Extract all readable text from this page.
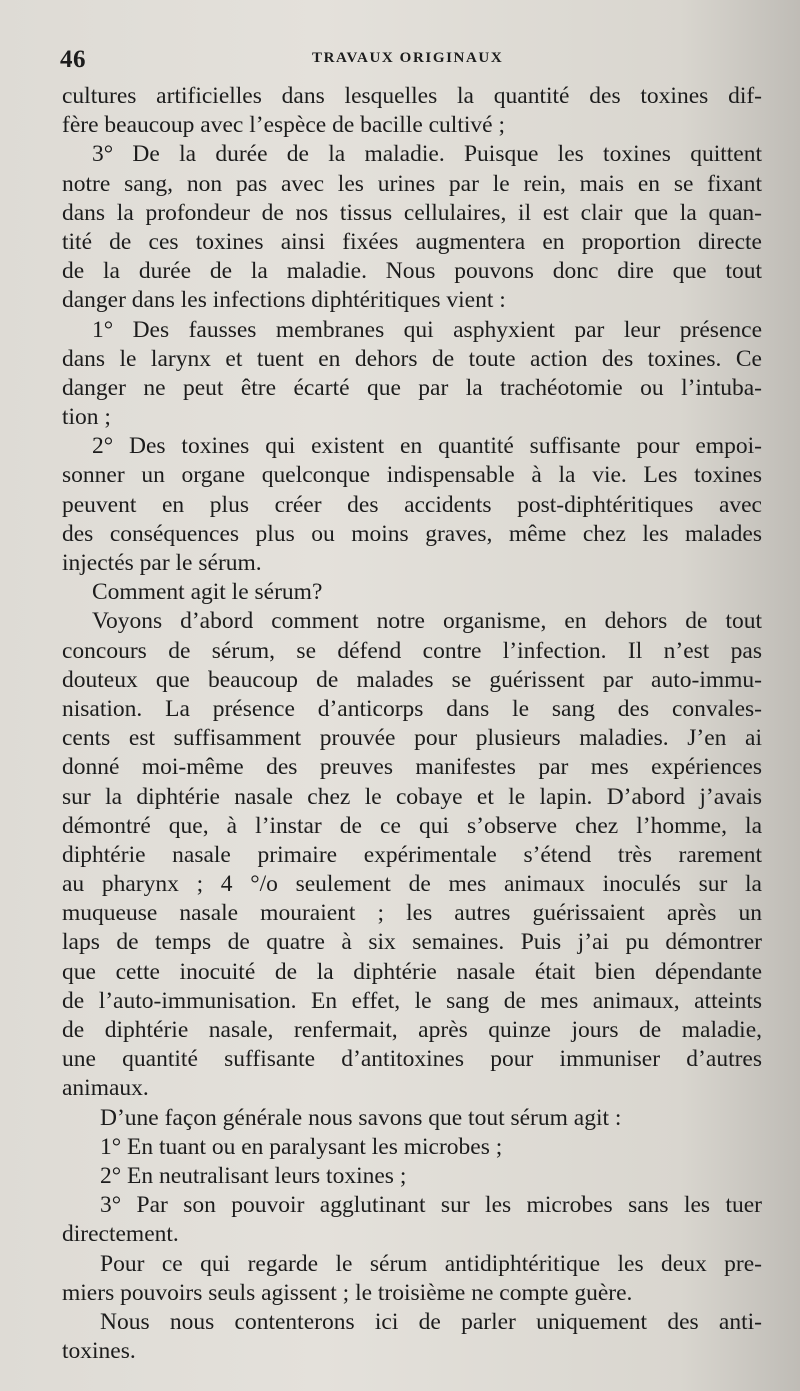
46	TRAVAUX ORIGINAUX
cultures artificielles dans lesquelles la quantité des toxines dif-
fère beaucoup avec l’espèce de bacille cultivé ;
3° De la durée de la maladie. Puisque les toxines quittent
notre sang, non pas avec les urines par le rein, mais en se fixant
dans la profondeur de nos tissus cellulaires, il est clair que la quan-
tité de ces toxines ainsi fixées augmentera en proportion directe
de la durée de la maladie. Nous pouvons donc dire que tout
danger dans les infections diphtéritiques vient :
1° Des fausses membranes qui asphyxient par leur présence
dans le larynx et tuent en dehors de toute action des toxines. Ce
danger ne peut être écarté que par la trachéotomie ou l’intuba-
tion ;
2° Des toxines qui existent en quantité suffisante pour empoi-
sonner un organe quelconque indispensable à la vie. Les toxines
peuvent en plus créer des accidents post-diphtéritiques avec
des conséquences plus ou moins graves, même chez les malades
injectés par le sérum.
Comment agit le sérum?
Voyons d’abord comment notre organisme, en dehors de tout
concours de sérum, se défend contre l’infection. Il n’est pas
douteux que beaucoup de malades se guérissent par auto-immu-
nisation. La présence d’anticorps dans le sang des convales-
cents est suffisamment prouvée pour plusieurs maladies. J’en ai
donné moi-même des preuves manifestes par mes expériences
sur la diphtérie nasale chez le cobaye et le lapin. D’abord j’avais
démontré que, à l’instar de ce qui s’observe chez l’homme, la
diphtérie nasale primaire expérimentale s’étend très rarement
au pharynx ; 4 °/o seulement de mes animaux inoculés sur la
muqueuse nasale mouraient ; les autres guérissaient après un
laps de temps de quatre à six semaines. Puis j’ai pu démontrer
que cette inocuité de la diphtérie nasale était bien dépendante
de l’auto-immunisation. En effet, le sang de mes animaux, atteints
de diphtérie nasale, renfermait, après quinze jours de maladie,
une quantité suffisante d’antitoxines pour immuniser d’autres
animaux.
D’une façon générale nous savons que tout sérum agit :
1° En tuant ou en paralysant les microbes ;
2° En neutralisant leurs toxines ;
3° Par son pouvoir agglutinant sur les microbes sans les tuer
directement.
Pour ce qui regarde le sérum antidiphtéritique les deux pre-
miers pouvoirs seuls agissent ; le troisième ne compte guère.
Nous nous contenterons ici de parler uniquement des anti-
toxines.
